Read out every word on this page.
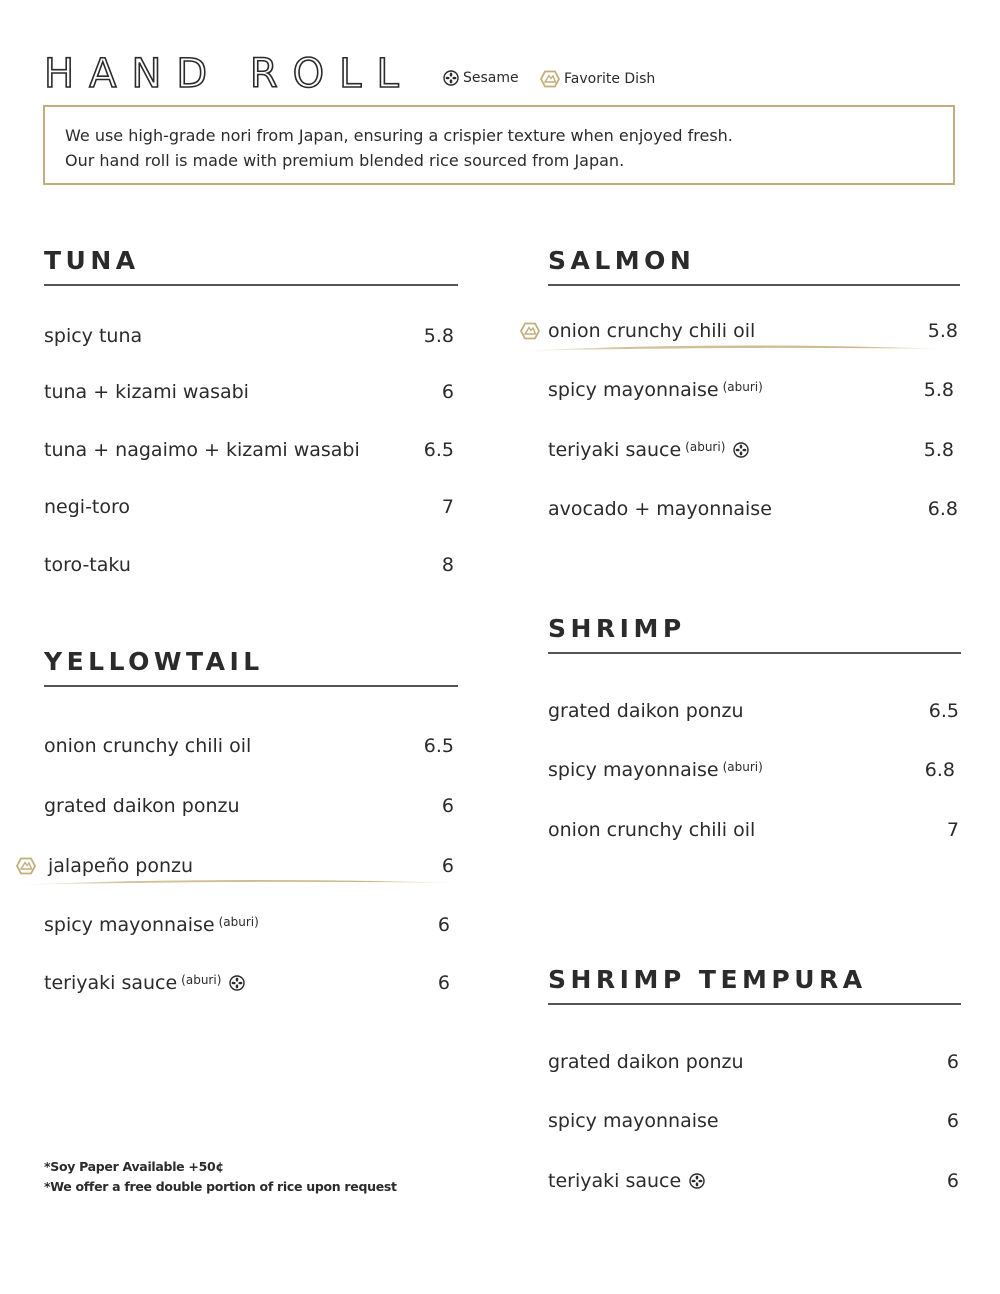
HAND ROLL	Sesame	Favorite Dish
We use high-grade nori from Japan, ensuring a crispier texture when enjoyed fresh.
Our hand roll is made with premium blended rice sourced from Japan.
TUNA
spicy tuna	5.8
tuna + kizami wasabi	6
tuna + nagaimo + kizami wasabi	6.5
negi-toro	7
toro-taku	8
YELLOWTAIL
onion crunchy chili oil	6.5
grated daikon ponzu	6
jalapeño ponzu	6
spicy mayonnaise (aburi)	6
teriyaki sauce (aburi)	6
SALMON
onion crunchy chili oil	5.8
spicy mayonnaise (aburi)	5.8
teriyaki sauce (aburi)	5.8
avocado + mayonnaise	6.8
SHRIMP
grated daikon ponzu	6.5
spicy mayonnaise (aburi)	6.8
onion crunchy chili oil	7
SHRIMP TEMPURA
grated daikon ponzu	6
spicy mayonnaise	6
teriyaki sauce	6
*Soy Paper Available +50¢
*We offer a free double portion of rice upon request
